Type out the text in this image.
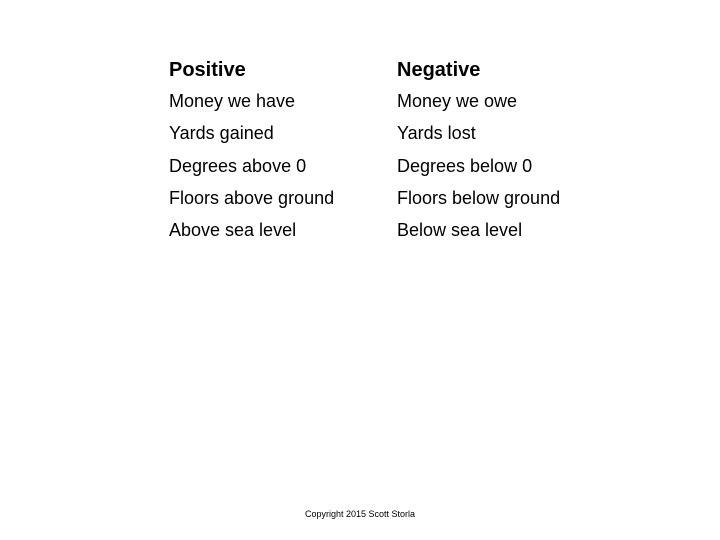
Positive	Negative
Money we have	Money we owe
Yards gained	Yards lost
Degrees above 0	Degrees below 0
Floors above ground	Floors below ground
Above sea level	Below sea level
Copyright 2015 Scott Storla
